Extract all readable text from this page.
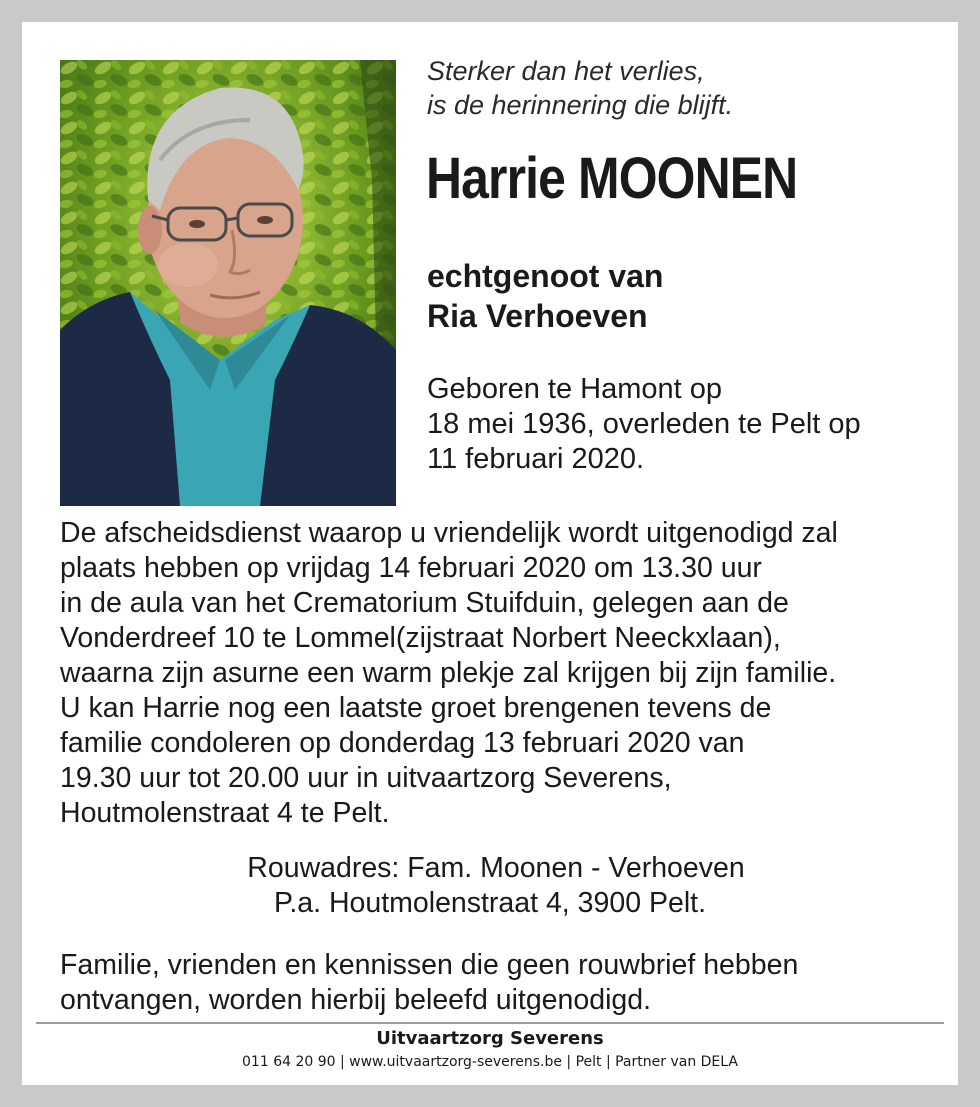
Sterker dan het verlies,
is de herinnering die blijft.
Harrie MOONEN
echtgenoot van
Ria Verhoeven
Geboren te Hamont op
18 mei 1936, overleden te Pelt op
11 februari 2020.
De afscheidsdienst waarop u vriendelijk wordt uitgenodigd zal
plaats hebben op vrijdag 14 februari 2020 om 13.30 uur
in de aula van het Crematorium Stuifduin, gelegen aan de
Vonderdreef 10 te Lommel(zijstraat Norbert Neeckxlaan),
waarna zijn asurne een warm plekje zal krijgen bij zijn familie.
U kan Harrie nog een laatste groet brengenen tevens de
familie condoleren op donderdag 13 februari 2020 van
19.30 uur tot 20.00 uur in uitvaartzorg Severens,
Houtmolenstraat 4 te Pelt.
Rouwadres: Fam. Moonen - Verhoeven
P.a. Houtmolenstraat 4, 3900 Pelt.
Familie, vrienden en kennissen die geen rouwbrief hebben
ontvangen, worden hierbij beleefd uitgenodigd.
Uitvaartzorg Severens
011 64 20 90 | www.uitvaartzorg-severens.be | Pelt | Partner van DELA
